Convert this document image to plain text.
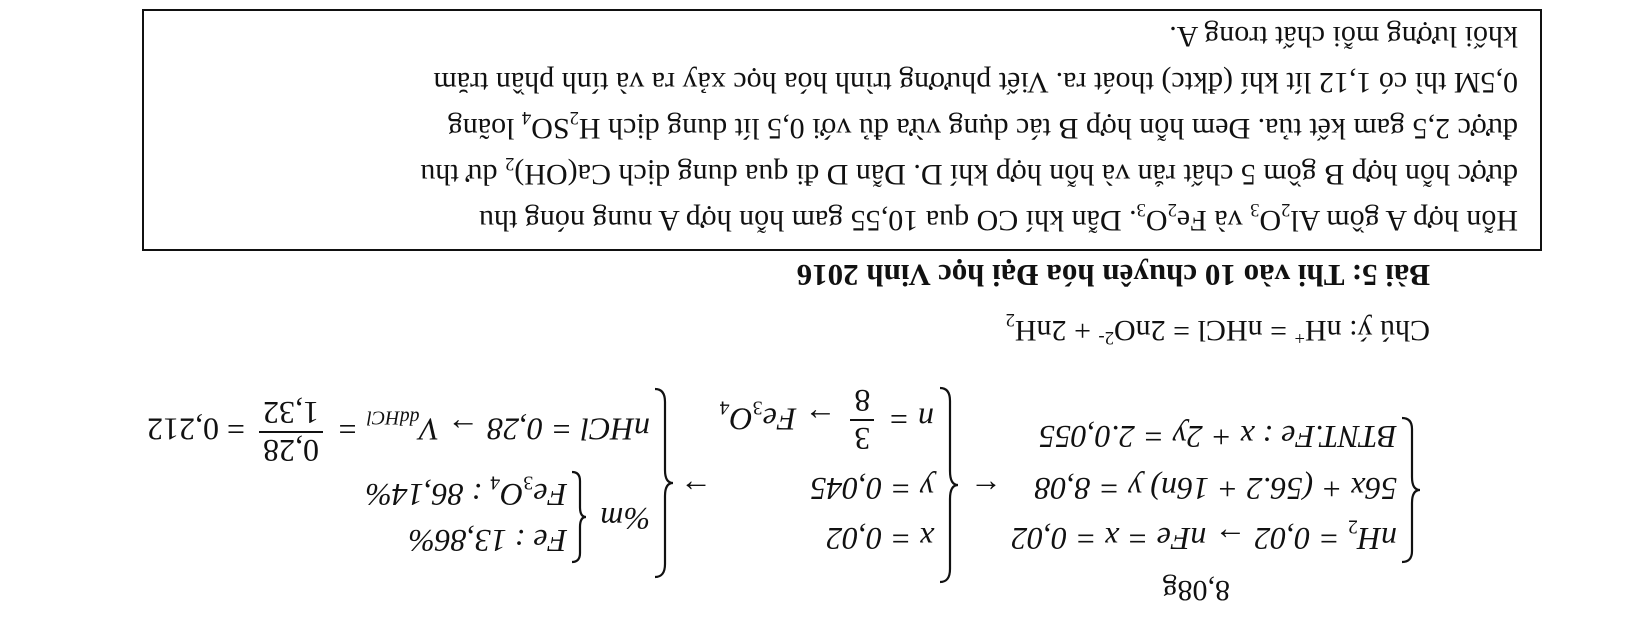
8,08g
$nH_2 = 0,02$ → nFe = x = 0,02
56x + (56.2 + 16n) y = 8,08
BTNT.Fe : x + 2y = 2.0,055
←
x = 0,02
y = 0,045
n =
3
8
→ $Fe_3O_4$
→
%m
Fe : 13,86%
$Fe_3O_4$ : 86,14%
nHCl = $0,28 \to V_{ddHCl}$ =
0,28
1,32
= 0,212
Chú ý: nH+ = nHCl = $2nO^{2-} + 2nH_2$
Bài 5: Thi vào 10 chuyên hóa Đại học Vinh 2016
Hỗn hợp A gồm $Al_2O_3$ và $Fe_2O_3$. Dẫn khí CO qua 10,55 gam hỗn hợp A nung nóng thu
được hỗn hợp B gồm 5 chất rắn và hỗn hợp khí D. Dẫn D đi qua dung dịch $Ca(OH)_2$ dư thu
được 2,5 gam kết tủa. Đem hỗn hợp B tác dụng vừa đủ với 0,5 lít dung dịch $H_2SO_4$ loãng
0,5M thì có 1,12 lít khí (đktc) thoát ra. Viết phương trình hóa học xảy ra và tính phần trăm
khối lượng mỗi chất trong A.
